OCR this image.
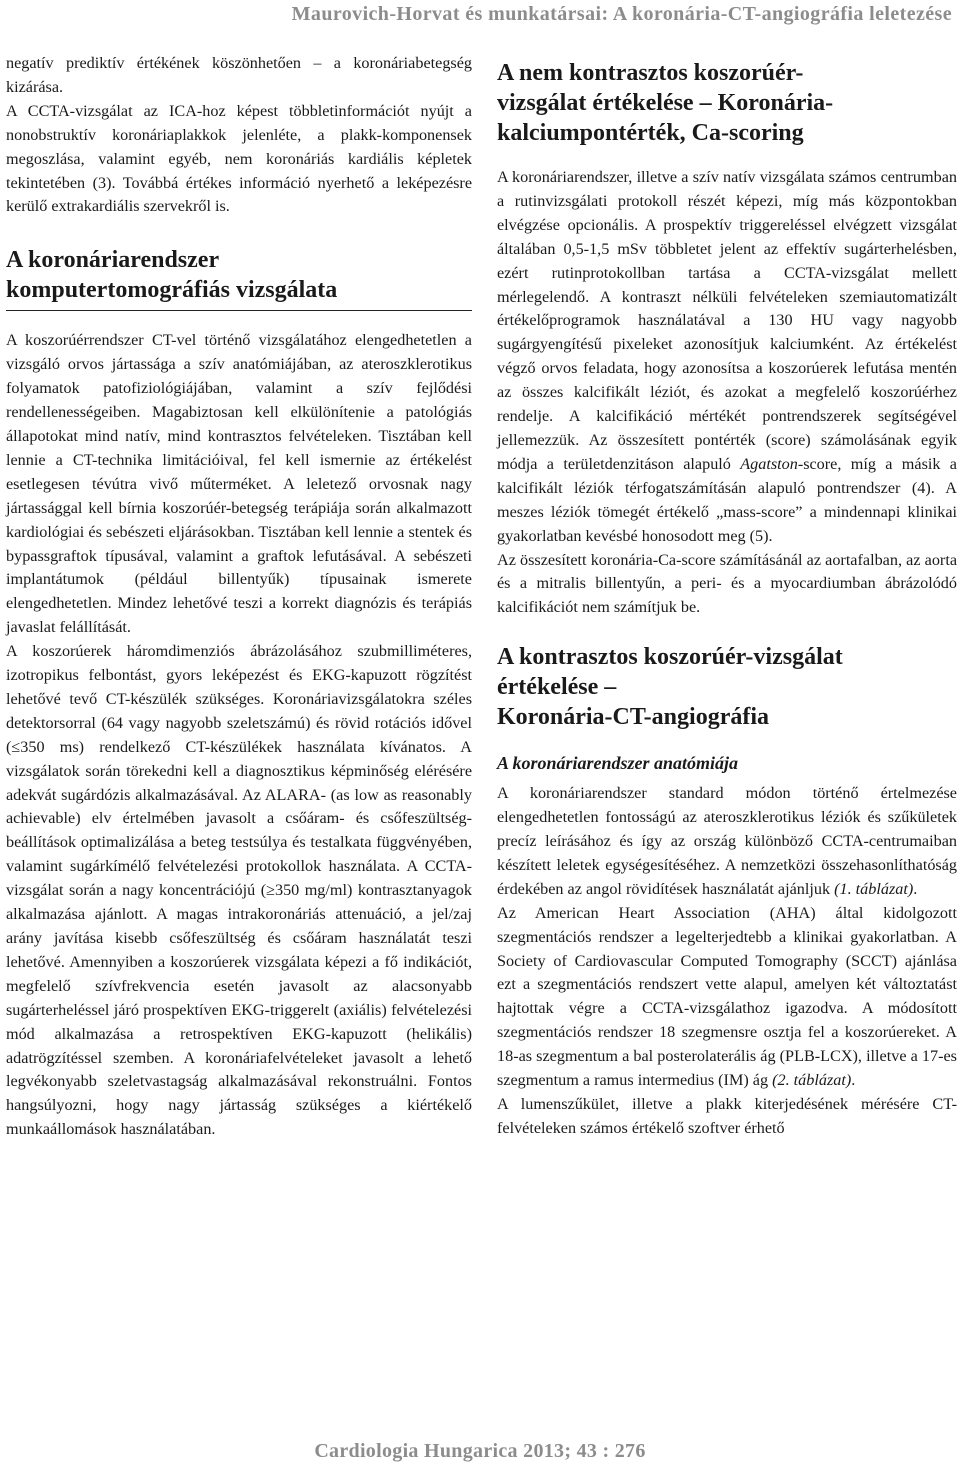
Maurovich-Horvat és munkatársai: A koronária-CT-angiográfia leletezése

negatív prediktív értékének köszönhetően – a koronáriabetegség kizárása.

A CCTA-vizsgálat az ICA-hoz képest többletinformációt nyújt a nonobstruktív koronáriaplakkok jelenléte, a plakk-komponensek megoszlása, valamint egyéb, nem koronáriás kardiális képletek tekintetében (3). Továbbá értékes információ nyerhető a leképezésre kerülő extrakardiális szervekről is.

A koronáriarendszer
komputertomográfiás vizsgálata

A koszorúérrendszer CT-vel történő vizsgálatához elengedhetetlen a vizsgáló orvos jártassága a szív anatómiájában, az ateroszklerotikus folyamatok patofiziológiájában, valamint a szív fejlődési rendellenességeiben. Magabiztosan kell elkülönítenie a patológiás állapotokat mind natív, mind kontrasztos felvételeken. Tisztában kell lennie a CT-technika limitációival, fel kell ismernie az értékelést esetlegesen tévútra vivő műterméket. A leletező orvosnak nagy jártassággal kell bírnia koszorúér-betegség terápiája során alkalmazott kardiológiai és sebészeti eljárásokban. Tisztában kell lennie a stentek és bypassgraftok típusával, valamint a graftok lefutásával. A sebészeti implantátumok (például billentyűk) típusainak ismerete elengedhetetlen. Mindez lehetővé teszi a korrekt diagnózis és terápiás javaslat felállítását.

A koszorúerek háromdimenziós ábrázolásához szubmilliméteres, izotropikus felbontást, gyors leképezést és EKG-kapuzott rögzítést lehetővé tevő CT-készülék szükséges. Koronáriavizsgálatokra széles detektorsorral (64 vagy nagyobb szeletszámú) és rövid rotációs idővel (≤350 ms) rendelkező CT-készülékek használata kívánatos. A vizsgálatok során törekedni kell a diagnosztikus képminőség elérésére adekvát sugárdózis alkalmazásával. Az ALARA- (as low as reasonably achievable) elv értelmében javasolt a csőáram- és csőfeszültség-beállítások optimalizálása a beteg testsúlya és testalkata függvényében, valamint sugárkímélő felvételezési protokollok használata. A CCTA-vizsgálat során a nagy koncentrációjú (≥350 mg/ml) kontrasztanyagok alkalmazása ajánlott. A magas intrakoronáriás attenuáció, a jel/zaj arány javítása kisebb csőfeszültség és csőáram használatát teszi lehetővé. Amennyiben a koszorúerek vizsgálata képezi a fő indikációt, megfelelő szívfrekvencia esetén javasolt az alacsonyabb sugárterheléssel járó prospektíven EKG-triggerelt (axiális) felvételezési mód alkalmazása a retrospektíven EKG-kapuzott (helikális) adatrögzítéssel szemben. A koronáriafelvételeket javasolt a lehető legvékonyabb szeletvastagság alkalmazásával rekonstruálni. Fontos hangsúlyozni, hogy nagy jártasság szükséges a kiértékelő munkaállomások használatában.

A nem kontrasztos koszorúér-
vizsgálat értékelése – Koronária-
kalciumpontérték, Ca-scoring

A koronáriarendszer, illetve a szív natív vizsgálata számos centrumban a rutinvizsgálati protokoll részét képezi, míg más központokban elvégzése opcionális. A prospektív triggereléssel elvégzett vizsgálat általában 0,5-1,5 mSv többletet jelent az effektív sugárterhelésben, ezért rutinprotokollban tartása a CCTA-vizsgálat mellett mérlegelendő. A kontraszt nélküli felvételeken szemiautomatizált értékelőprogramok használatával a 130 HU vagy nagyobb sugárgyengítésű pixeleket azonosítjuk kalciumként. Az értékelést végző orvos feladata, hogy azonosítsa a koszorúerek lefutása mentén az összes kalcifikált léziót, és azokat a megfelelő koszorúérhez rendelje. A kalcifikáció mértékét pontrendszerek segítségével jellemezzük. Az összesített pontérték (score) számolásának egyik módja a területdenzitáson alapuló Agatston-score, míg a másik a kalcifikált léziók térfogatszámításán alapuló pontrendszer (4). A meszes léziók tömegét értékelő „mass-score” a mindennapi klinikai gyakorlatban kevésbé honosodott meg (5).

Az összesített koronária-Ca-score számításánál az aortafalban, az aorta és a mitralis billentyűn, a peri- és a myocardiumban ábrázolódó kalcifikációt nem számítjuk be.

A kontrasztos koszorúér-vizsgálat
értékelése –
Koronária-CT-angiográfia
A koronáriarendszer anatómiája

A koronáriarendszer standard módon történő értelmezése elengedhetetlen fontosságú az ateroszklerotikus léziók és szűkületek precíz leírásához és így az ország különböző CCTA-centrumaiban készített leletek egységesítéséhez. A nemzetközi összehasonlíthatóság érdekében az angol rövidítések használatát ajánljuk (1. táblázat).

Az American Heart Association (AHA) által kidolgozott szegmentációs rendszer a legelterjedtebb a klinikai gyakorlatban. A Society of Cardiovascular Computed Tomography (SCCT) ajánlása ezt a szegmentációs rendszert vette alapul, amelyen két változtatást hajtottak végre a CCTA-vizsgálathoz igazodva. A módosított szegmentációs rendszer 18 szegmensre osztja fel a koszorúereket. A 18-as szegmentum a bal posterolaterális ág (PLB-LCX), illetve a 17-es szegmentum a ramus intermedius (IM) ág (2. táblázat).

A lumenszűkület, illetve a plakk kiterjedésének mérésére CT-felvételeken számos értékelő szoftver érhető

Cardiologia Hungarica 2013; 43 : 276
